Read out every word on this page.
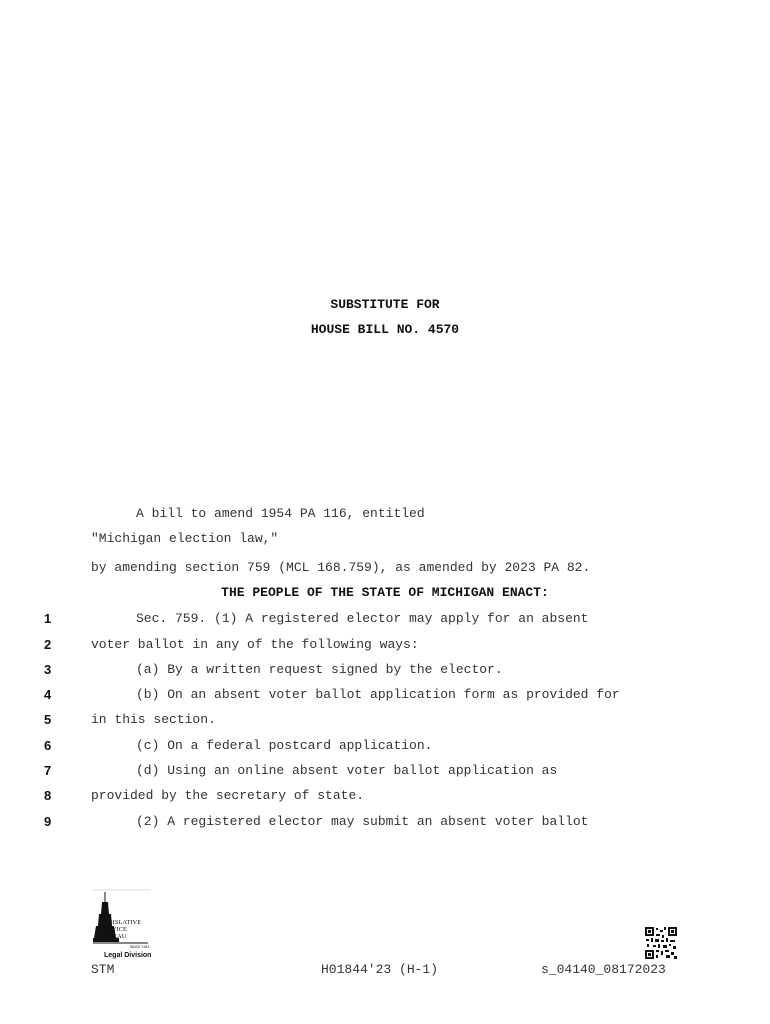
SUBSTITUTE FOR
HOUSE BILL NO. 4570
A bill to amend 1954 PA 116, entitled
"Michigan election law,"
by amending section 759 (MCL 168.759), as amended by 2023 PA 82.
THE PEOPLE OF THE STATE OF MICHIGAN ENACT:
1	Sec. 759. (1) A registered elector may apply for an absent
2	voter ballot in any of the following ways:
3	(a) By a written request signed by the elector.
4	(b) On an absent voter ballot application form as provided for
5	in this section.
6	(c) On a federal postcard application.
7	(d) Using an online absent voter ballot application as
8	provided by the secretary of state.
9	(2) A registered elector may submit an absent voter ballot
EGISLATIVE
ERVICE
UREAU
SINCE 1941
Legal Division
STM	H01844'23 (H-1)	s_04140_08172023
